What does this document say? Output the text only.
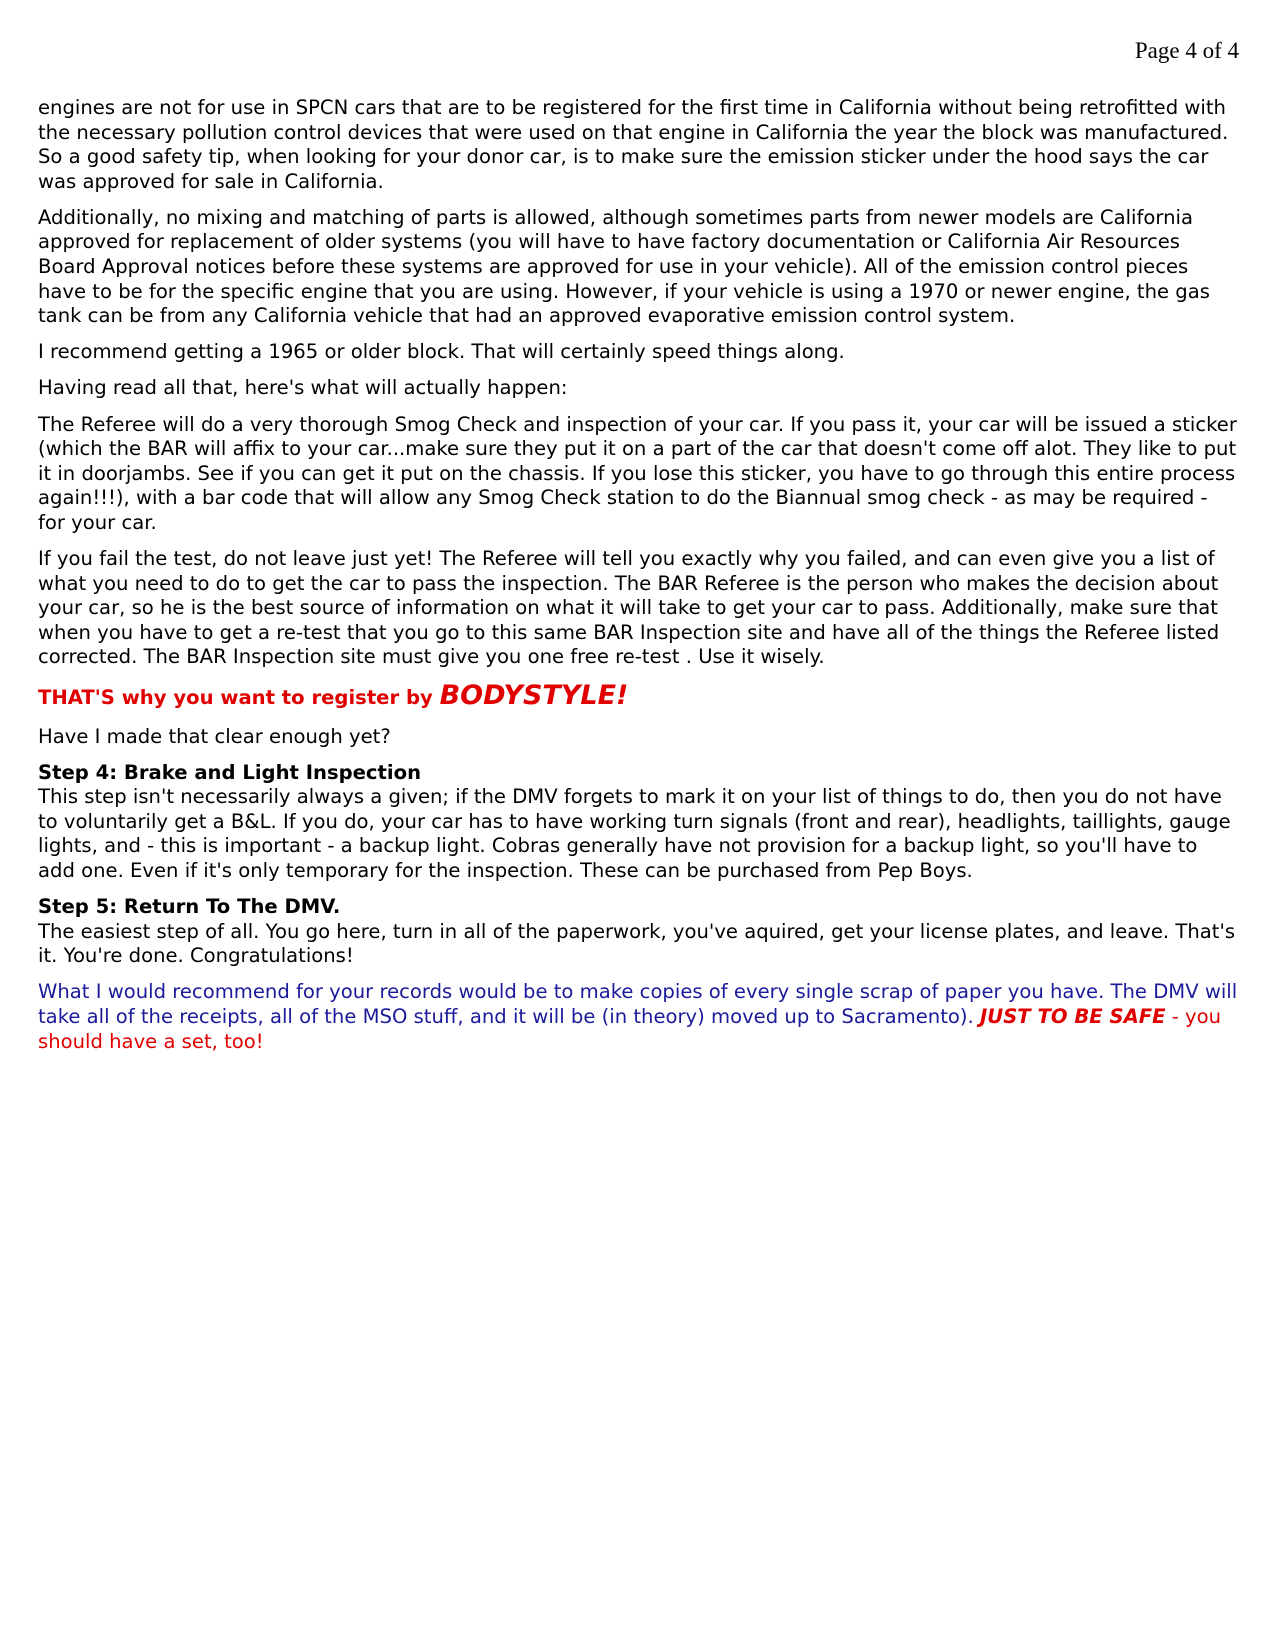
Page 4 of 4

engines are not for use in SPCN cars that are to be registered for the first time in California without being retrofitted with the necessary pollution control devices that were used on that engine in California the year the block was manufactured. So a good safety tip, when looking for your donor car, is to make sure the emission sticker under the hood says the car was approved for sale in California.

Additionally, no mixing and matching of parts is allowed, although sometimes parts from newer models are California approved for replacement of older systems (you will have to have factory documentation or California Air Resources Board Approval notices before these systems are approved for use in your vehicle). All of the emission control pieces have to be for the specific engine that you are using. However, if your vehicle is using a 1970 or newer engine, the gas tank can be from any California vehicle that had an approved evaporative emission control system.

I recommend getting a 1965 or older block. That will certainly speed things along.

Having read all that, here's what will actually happen:

The Referee will do a very thorough Smog Check and inspection of your car. If you pass it, your car will be issued a sticker (which the BAR will affix to your car...make sure they put it on a part of the car that doesn't come off alot. They like to put it in doorjambs. See if you can get it put on the chassis. If you lose this sticker, you have to go through this entire process again!!!), with a bar code that will allow any Smog Check station to do the Biannual smog check - as may be required - for your car.

If you fail the test, do not leave just yet! The Referee will tell you exactly why you failed, and can even give you a list of what you need to do to get the car to pass the inspection. The BAR Referee is the person who makes the decision about your car, so he is the best source of information on what it will take to get your car to pass. Additionally, make sure that when you have to get a re-test that you go to this same BAR Inspection site and have all of the things the Referee listed corrected. The BAR Inspection site must give you one free re-test . Use it wisely.

THAT'S why you want to register by BODYSTYLE!

Have I made that clear enough yet?

Step 4: Brake and Light Inspection
This step isn't necessarily always a given; if the DMV forgets to mark it on your list of things to do, then you do not have to voluntarily get a B&L. If you do, your car has to have working turn signals (front and rear), headlights, taillights, gauge lights, and - this is important - a backup light. Cobras generally have not provision for a backup light, so you'll have to add one. Even if it's only temporary for the inspection. These can be purchased from Pep Boys.

Step 5: Return To The DMV.
The easiest step of all. You go here, turn in all of the paperwork, you've aquired, get your license plates, and leave. That's it. You're done. Congratulations!

What I would recommend for your records would be to make copies of every single scrap of paper you have. The DMV will take all of the receipts, all of the MSO stuff, and it will be (in theory) moved up to Sacramento). JUST TO BE SAFE - you should have a set, too!
